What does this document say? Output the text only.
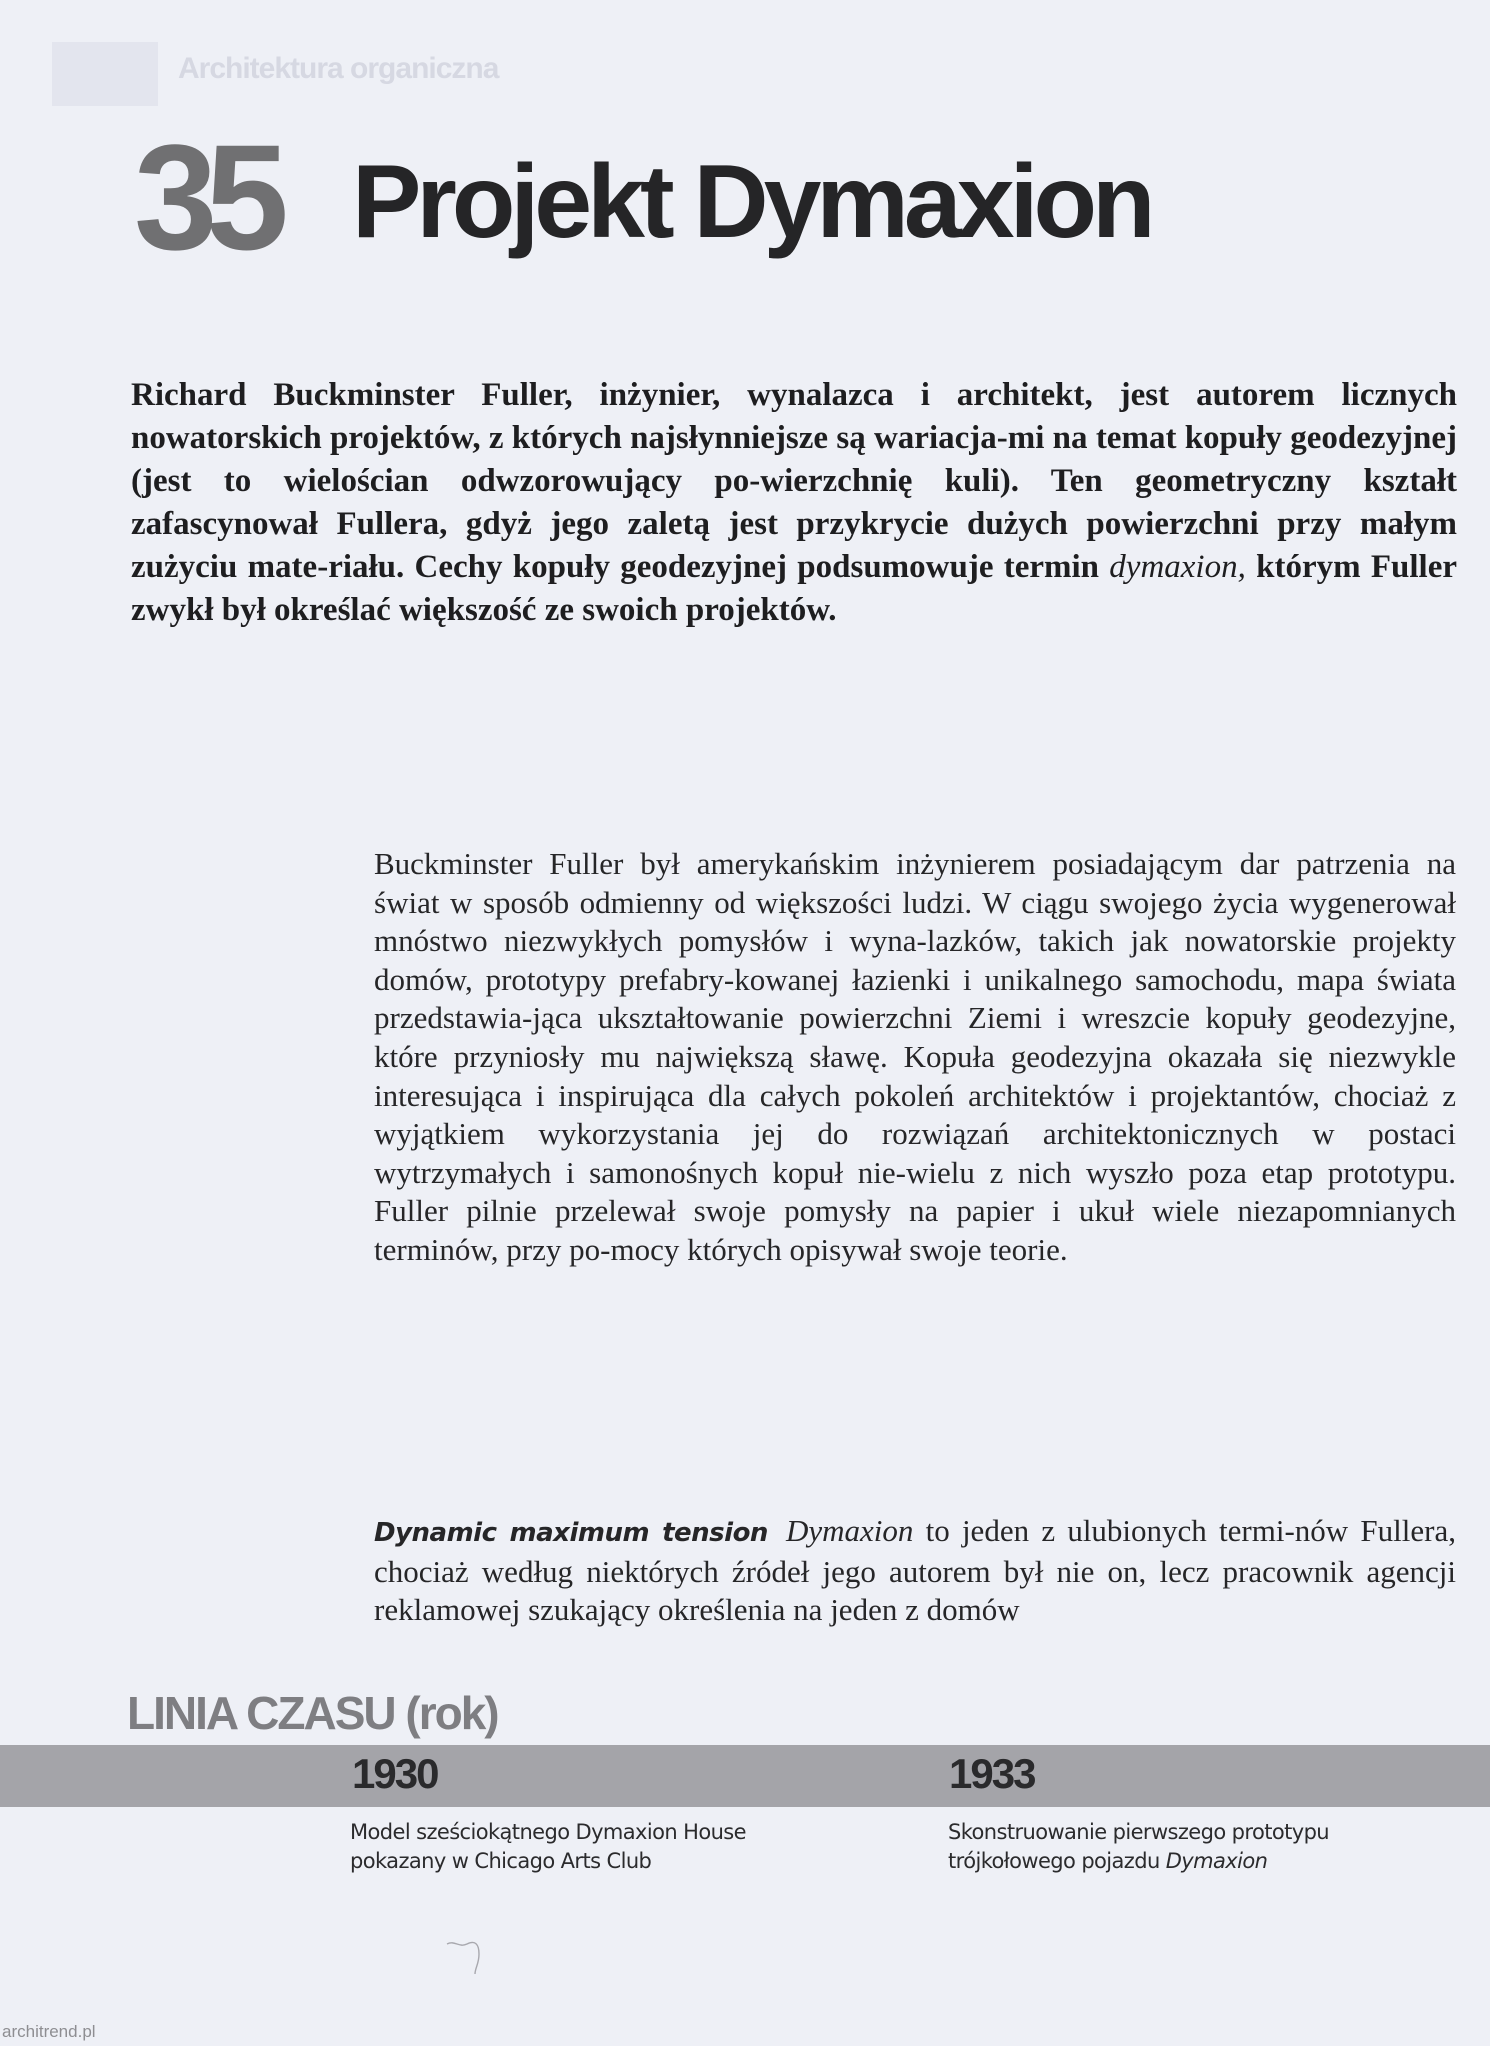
Architektura organiczna
35 Projekt Dymaxion

Richard Buckminster Fuller, inżynier, wynalazca i architekt, jest autorem licznych nowatorskich projektów, z których najsłynniejsze są wariacja-mi na temat kopuły geodezyjnej (jest to wielościan odwzorowujący po-wierzchnię kuli). Ten geometryczny kształt zafascynował Fullera, gdyż jego zaletą jest przykrycie dużych powierzchni przy małym zużyciu mate-riału. Cechy kopuły geodezyjnej podsumowuje termin dymaxion, którym Fuller zwykł był określać większość ze swoich projektów.

Buckminster Fuller był amerykańskim inżynierem posiadającym dar patrzenia na świat w sposób odmienny od większości ludzi. W ciągu swojego życia wygenerował mnóstwo niezwykłych pomysłów i wyna-lazków, takich jak nowatorskie projekty domów, prototypy prefabry-kowanej łazienki i unikalnego samochodu, mapa świata przedstawia-jąca ukształtowanie powierzchni Ziemi i wreszcie kopuły geodezyjne, które przyniosły mu największą sławę. Kopuła geodezyjna okazała się niezwykle interesująca i inspirująca dla całych pokoleń architektów i projektantów, chociaż z wyjątkiem wykorzystania jej do rozwiązań architektonicznych w postaci wytrzymałych i samonośnych kopuł nie-wielu z nich wyszło poza etap prototypu. Fuller pilnie przelewał swoje pomysły na papier i ukuł wiele niezapomnianych terminów, przy po-mocy których opisywał swoje teorie.

Dynamic maximum tension Dymaxion to jeden z ulubionych termi-nów Fullera, chociaż według niektórych źródeł jego autorem był nie on, lecz pracownik agencji reklamowej szukający określenia na jeden z domów

LINIA CZASU (rok)
1930
Model sześciokątnego Dymaxion House
pokazany w Chicago Arts Club
1933
Skonstruowanie pierwszego prototypu
trójkołowego pojazdu Dymaxion
architrend.pl
